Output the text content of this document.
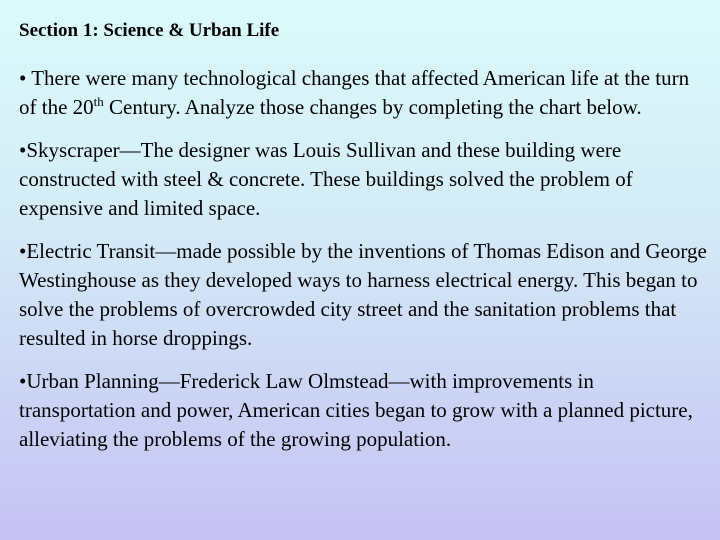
Section 1: Science & Urban Life

• There were many technological changes that affected American life at the turn of the 20th Century. Analyze those changes by completing the chart below.

•Skyscraper—The designer was Louis Sullivan and these building were constructed with steel & concrete. These buildings solved the problem of expensive and limited space.

•Electric Transit—made possible by the inventions of Thomas Edison and George Westinghouse as they developed ways to harness electrical energy. This began to solve the problems of overcrowded city street and the sanitation problems that resulted in horse droppings.

•Urban Planning—Frederick Law Olmstead—with improvements in transportation and power, American cities began to grow with a planned picture, alleviating the problems of the growing population.
